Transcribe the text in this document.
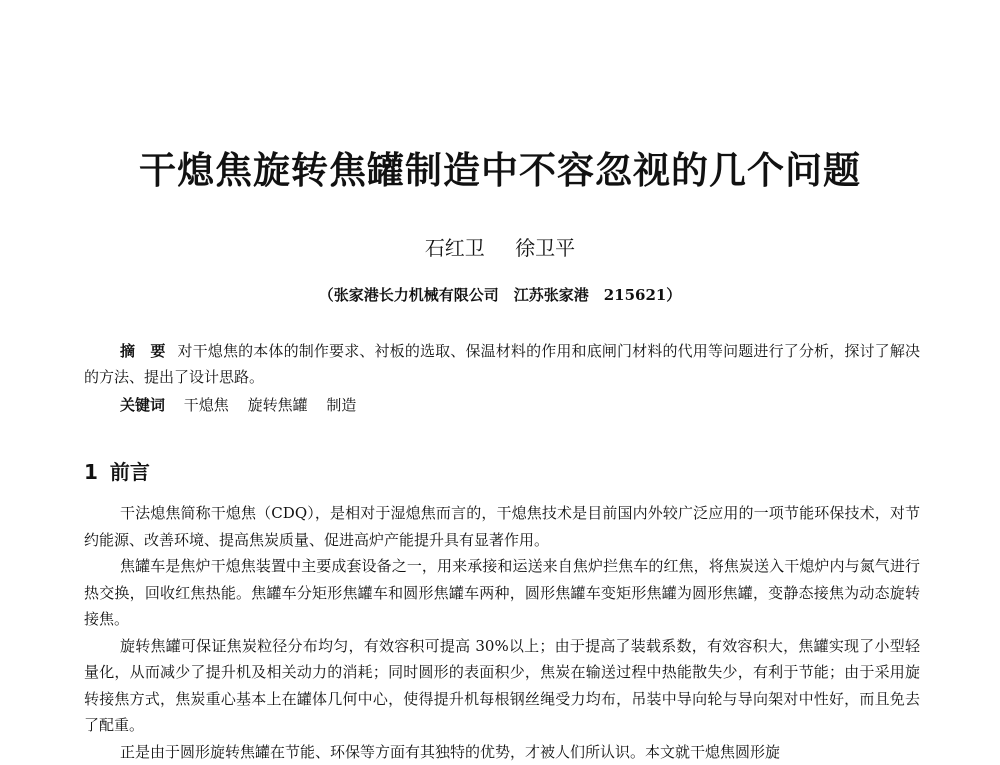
干熄焦旋转焦罐制造中不容忽视的几个问题
石红卫 徐卫平
（张家港长力机械有限公司　江苏张家港　215621）
摘　要 对干熄焦的本体的制作要求、衬板的选取、保温材料的作用和底闸门材料的代用等问题进行了分析，探讨了解决的方法、提出了设计思路。
关键词 干熄焦 旋转焦罐 制造
1 前言

干法熄焦简称干熄焦（CDQ），是相对于湿熄焦而言的，干熄焦技术是目前国内外较广泛应用的一项节能环保技术，对节约能源、改善环境、提高焦炭质量、促进高炉产能提升具有显著作用。

焦罐车是焦炉干熄焦装置中主要成套设备之一，用来承接和运送来自焦炉拦焦车的红焦，将焦炭送入干熄炉内与氮气进行热交换，回收红焦热能。焦罐车分矩形焦罐车和圆形焦罐车两种，圆形焦罐车变矩形焦罐为圆形焦罐，变静态接焦为动态旋转接焦。

旋转焦罐可保证焦炭粒径分布均匀，有效容积可提高 30%以上；由于提高了装载系数，有效容积大，焦罐实现了小型轻量化，从而减少了提升机及相关动力的消耗；同时圆形的表面积少，焦炭在输送过程中热能散失少，有利于节能；由于采用旋转接焦方式，焦炭重心基本上在罐体几何中心，使得提升机每根钢丝绳受力均布，吊装中导向轮与导向架对中性好，而且免去了配重。

正是由于圆形旋转焦罐在节能、环保等方面有其独特的优势，才被人们所认识。本文就干熄焦圆形旋
